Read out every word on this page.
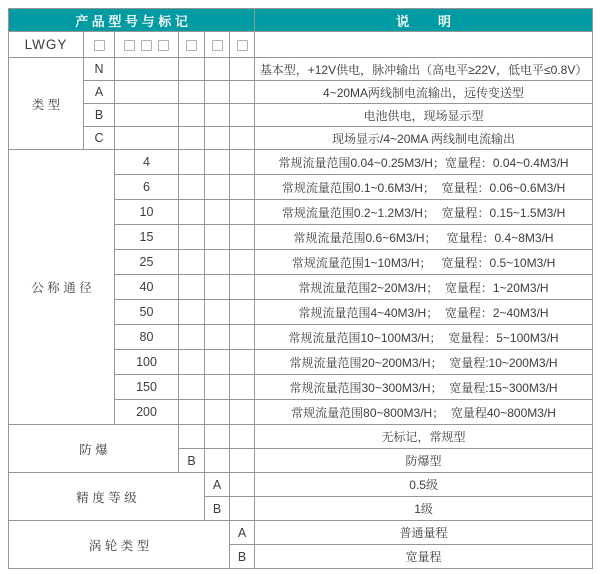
产 品 型 号 与 标 记						说        明
LWGY						
类 型	N					基本型，+12V供电，脉冲输出（高电平≥22V，低电平≤0.8V）
	A					4~20MA两线制电流输出，远传变送型
	B					电池供电，现场显示型
	C					现场显示/4~20MA 两线制电流输出
公 称 通 径		4				常规流量范围0.04~0.25M3/H；宽量程：0.04~0.4M3/H
		6				常规流量范围0.1~0.6M3/H；  宽量程：0.06~0.6M3/H
		10				常规流量范围0.2~1.2M3/H；  宽量程：0.15~1.5M3/H
		15				常规流量范围0.6~6M3/H；   宽量程：0.4~8M3/H
		25				常规流量范围1~10M3/H；   宽量程：0.5~10M3/H
		40				常规流量范围2~20M3/H；  宽量程：1~20M3/H
		50				常规流量范围4~40M3/H；  宽量程：2~40M3/H
		80				常规流量范围10~100M3/H；  宽量程：5~100M3/H
		100				常规流量范围20~200M3/H；  宽量程:10~200M3/H
		150				常规流量范围30~300M3/H；  宽量程:15~300M3/H
		200				常规流量范围80~800M3/H；  宽量程40~800M3/H
防 爆						无标记，常规型
			B			防爆型
精 度 等 级				A		0.5级
				B		1级
涡 轮 类 型					A	普通量程
					B	宽量程
